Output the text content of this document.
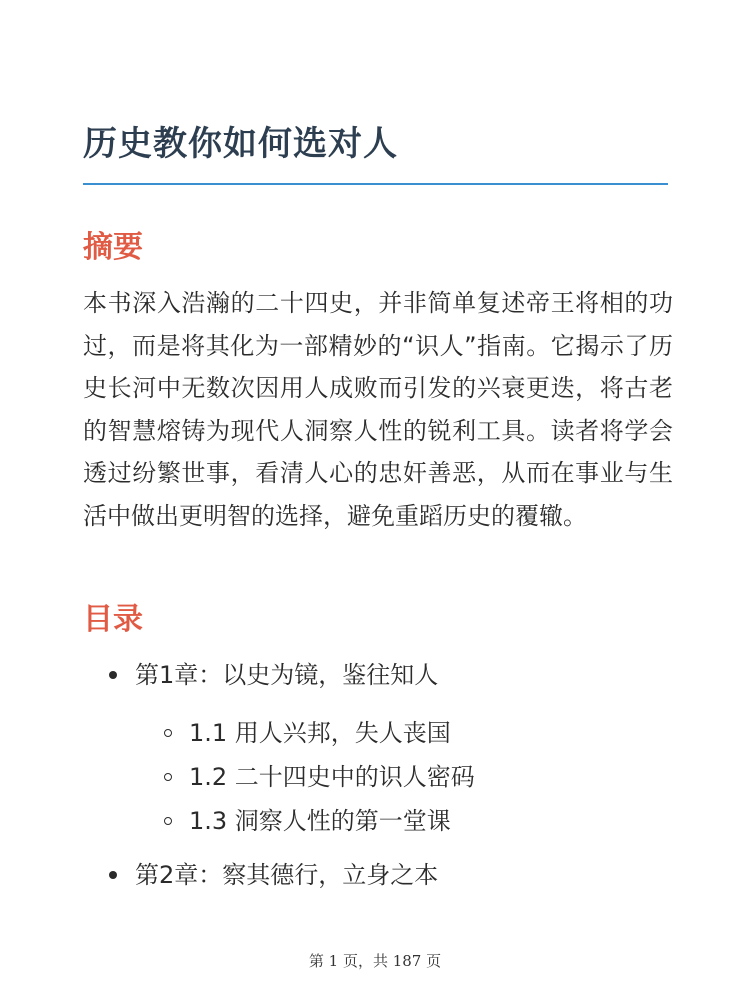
历史教你如何选对人
摘要

本书深入浩瀚的二十四史，并非简单复述帝王将相的功过，而是将其化为一部精妙的“识人”指南。它揭示了历史长河中无数次因用人成败而引发的兴衰更迭，将古老的智慧熔铸为现代人洞察人性的锐利工具。读者将学会透过纷繁世事，看清人心的忠奸善恶，从而在事业与生活中做出更明智的选择，避免重蹈历史的覆辙。

目录
第1章：以史为镜，鉴往知人
1.1 用人兴邦，失人丧国
1.2 二十四史中的识人密码
1.3 洞察人性的第一堂课
第2章：察其德行，立身之本
第 1 页，共 187 页
